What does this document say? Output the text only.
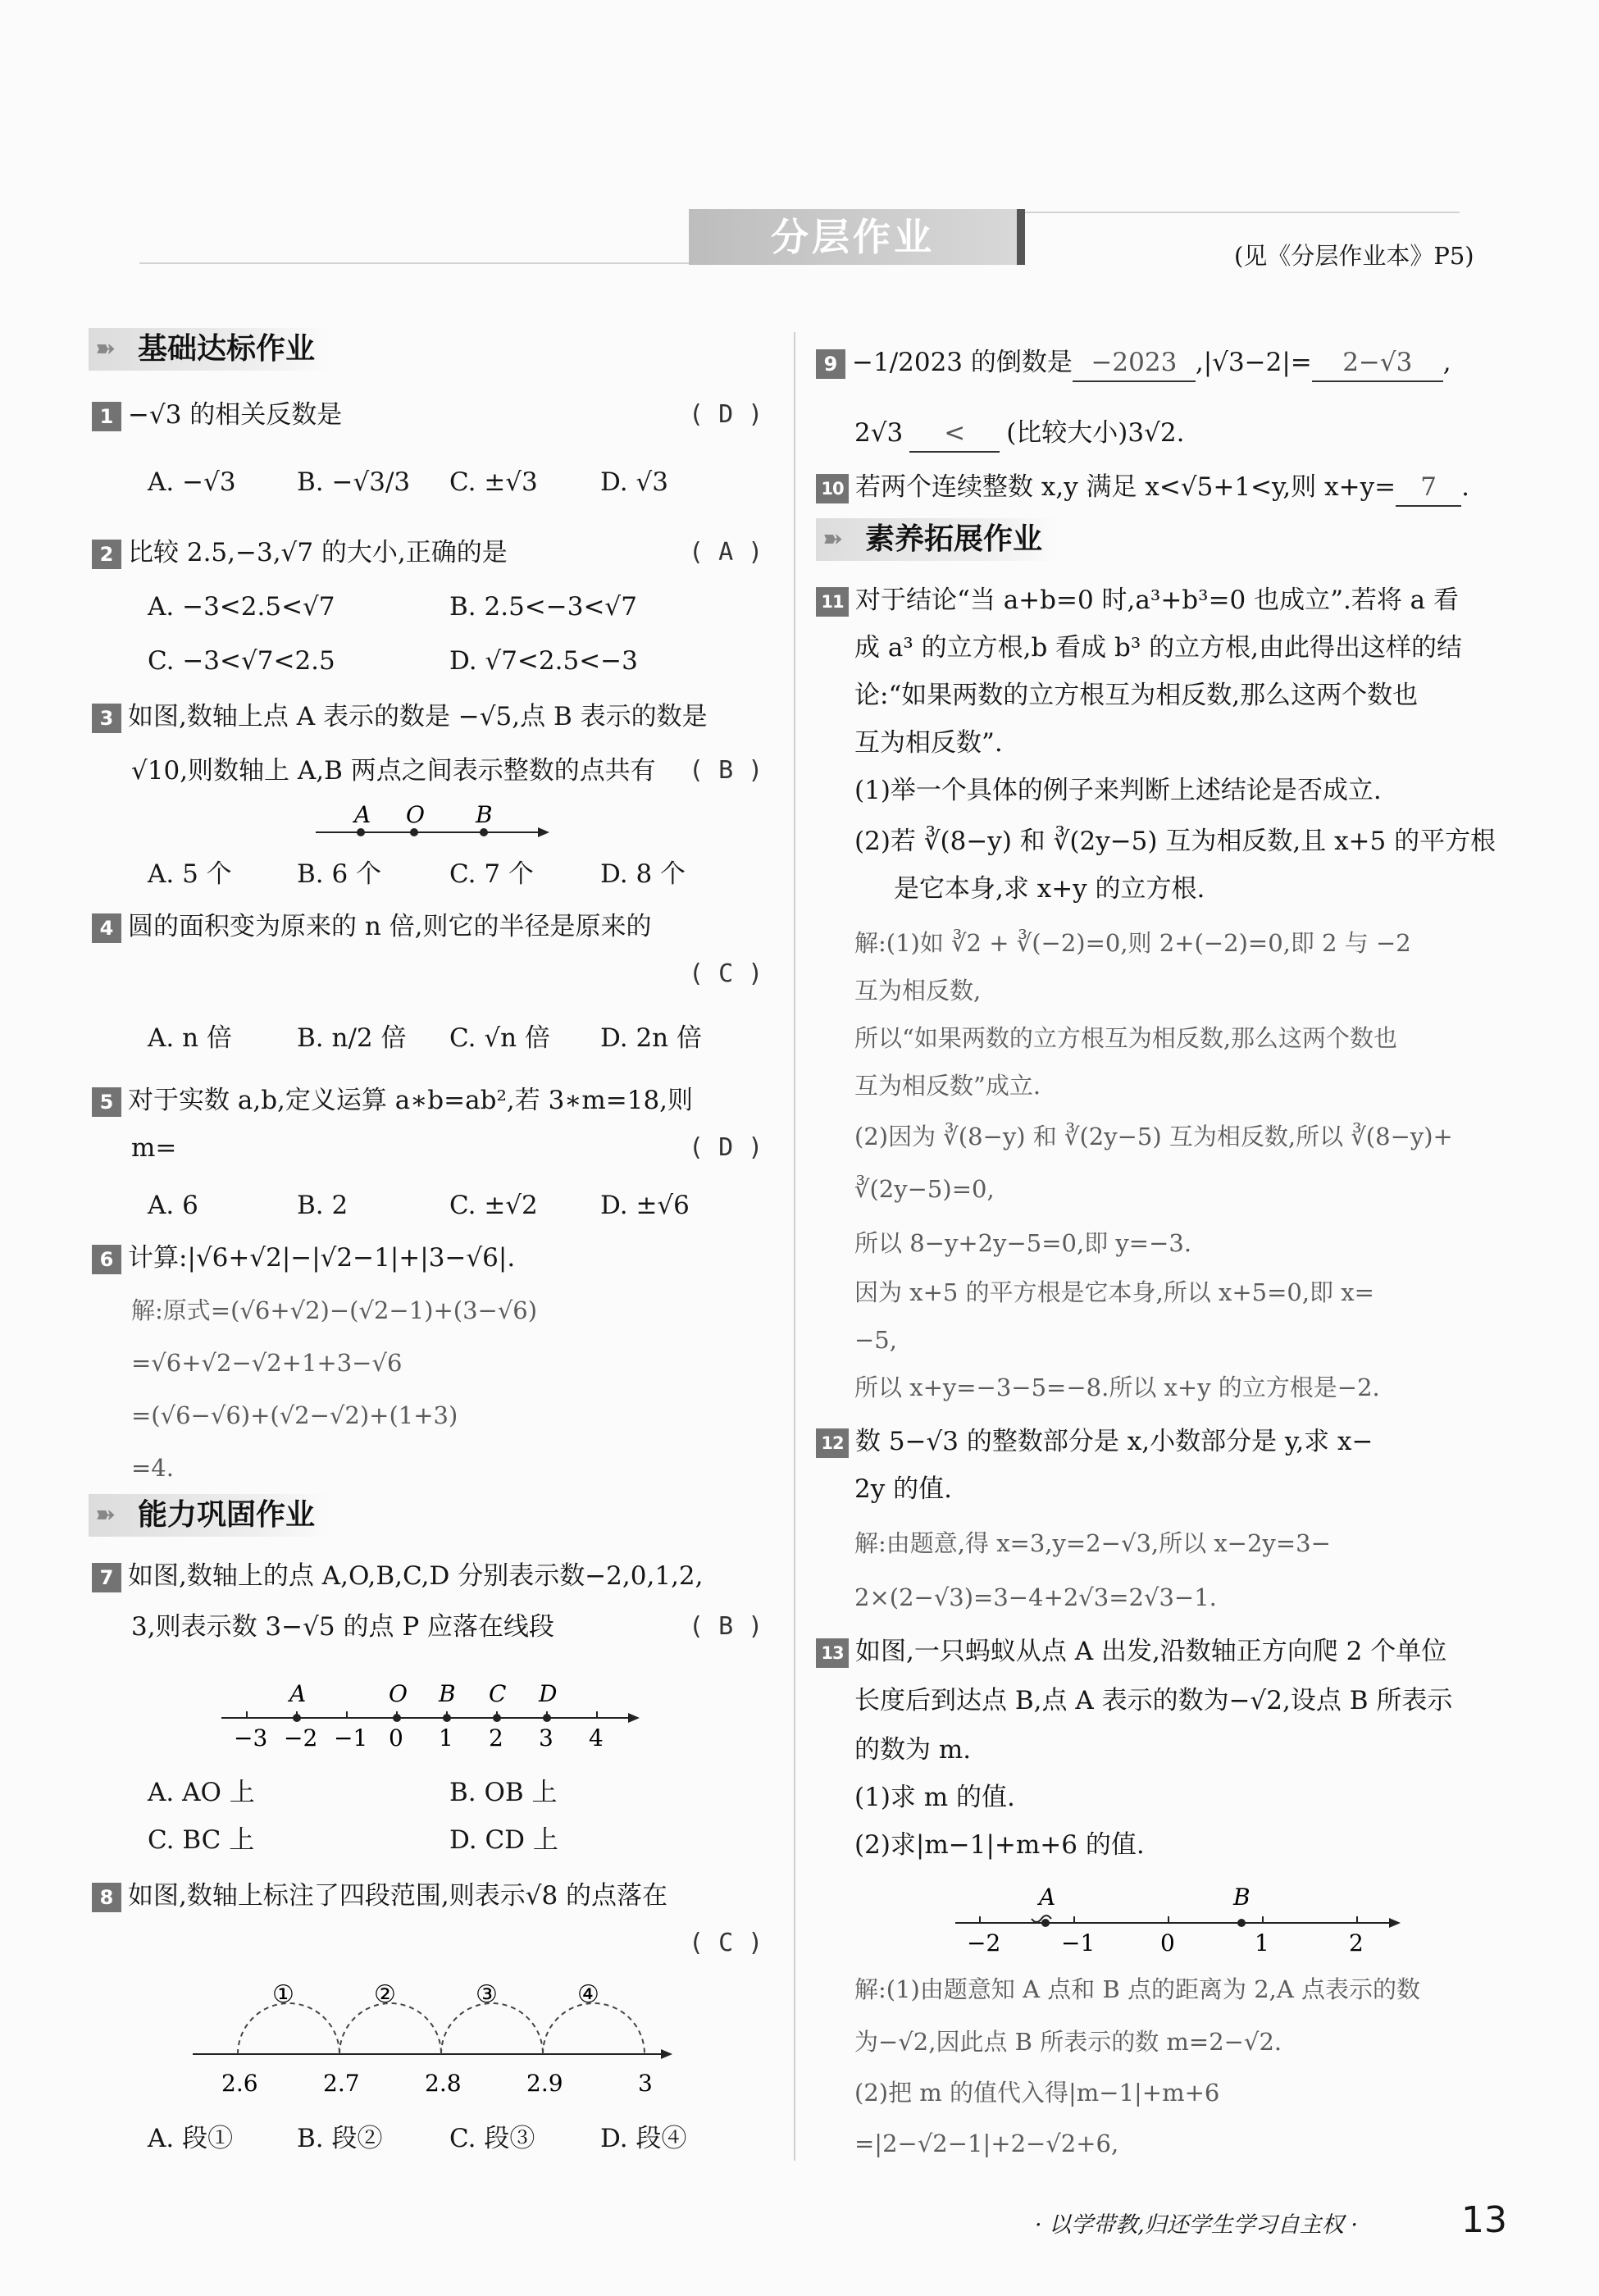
分层作业	(见《分层作业本》P5)
➽ 基础达标作业
1 −√3 的相关反数是	( D )
A. −√3 B. −√3/3 C. ±√3 D. √3
2 比较 2.5,−3,√7 的大小,正确的是	( A )
A. −3<2.5<√7	B. 2.5<−3<√7
C. −3<√7<2.5	D. √7<2.5<−3
3 如图,数轴上点 A 表示的数是 −√5,点 B 表示的数是
√10,则数轴上 A,B 两点之间表示整数的点共有 ( B )
A O B
A. 5 个	B. 6 个	C. 7 个	D. 8 个
4 圆的面积变为原来的 n 倍,则它的半径是原来的
( C )
A. n 倍	B. n/2 倍 C. √n 倍 D. 2n 倍
5 对于实数 a,b,定义运算 a∗b=ab²,若 3∗m=18,则
m=	( D )
A. 6	B. 2	C. ±√2 D. ±√6
6 计算:|√6+√2|−|√2−1|+|3−√6|.
解:原式=(√6+√2)−(√2−1)+(3−√6)
=√6+√2−√2+1+3−√6
=(√6−√6)+(√2−√2)+(1+3)
=4.
➽ 能力巩固作业
7 如图,数轴上的点 A,O,B,C,D 分别表示数−2,0,1,2,
3,则表示数 3−√5 的点 P 应落在线段	( B )
−3 −2 −1 0 1 2 3 4
A	O B C D
A. AO 上	B. OB 上
C. BC 上	D. CD 上
8 如图,数轴上标注了四段范围,则表示√8 的点落在
( C )
①	②	③	④
2.6	2.7	2.8	2.9	3
A. 段①	B. 段②	C. 段③	D. 段④
9 −1/2023 的倒数是 −2023 ,|√3−2|= 2−√3 ,
2√3 < (比较大小)3√2.
10 若两个连续整数 x,y 满足 x<√5+1<y,则 x+y= 7 .
➽ 素养拓展作业
11 对于结论“当 a+b=0 时,a³+b³=0 也成立”.若将 a 看
成 a³ 的立方根,b 看成 b³ 的立方根,由此得出这样的结
论:“如果两数的立方根互为相反数,那么这两个数也
互为相反数”.
(1)举一个具体的例子来判断上述结论是否成立.
(2)若 ∛(8−y) 和 ∛(2y−5) 互为相反数,且 x+5 的平方根
是它本身,求 x+y 的立方根.
解:(1)如 ∛2 + ∛(−2)=0,则 2+(−2)=0,即 2 与 −2
互为相反数,
所以“如果两数的立方根互为相反数,那么这两个数也
互为相反数”成立.
(2)因为 ∛(8−y) 和 ∛(2y−5) 互为相反数,所以 ∛(8−y)+
∛(2y−5)=0,
所以 8−y+2y−5=0,即 y=−3.
因为 x+5 的平方根是它本身,所以 x+5=0,即 x=
−5,
所以 x+y=−3−5=−8.所以 x+y 的立方根是−2.
12 数 5−√3 的整数部分是 x,小数部分是 y,求 x−
2y 的值.
解:由题意,得 x=3,y=2−√3,所以 x−2y=3−
2×(2−√3)=3−4+2√3=2√3−1.
13 如图,一只蚂蚁从点 A 出发,沿数轴正方向爬 2 个单位
长度后到达点 B,点 A 表示的数为−√2,设点 B 所表示
的数为 m.
(1)求 m 的值.
(2)求|m−1|+m+6 的值.
−2	−1	0	1	2
A	B
解:(1)由题意知 A 点和 B 点的距离为 2,A 点表示的数
为−√2,因此点 B 所表示的数 m=2−√2.
(2)把 m 的值代入得|m−1|+m+6
=|2−√2−1|+2−√2+6,
· 以学带教,归还学生学习自主权 ·	13
